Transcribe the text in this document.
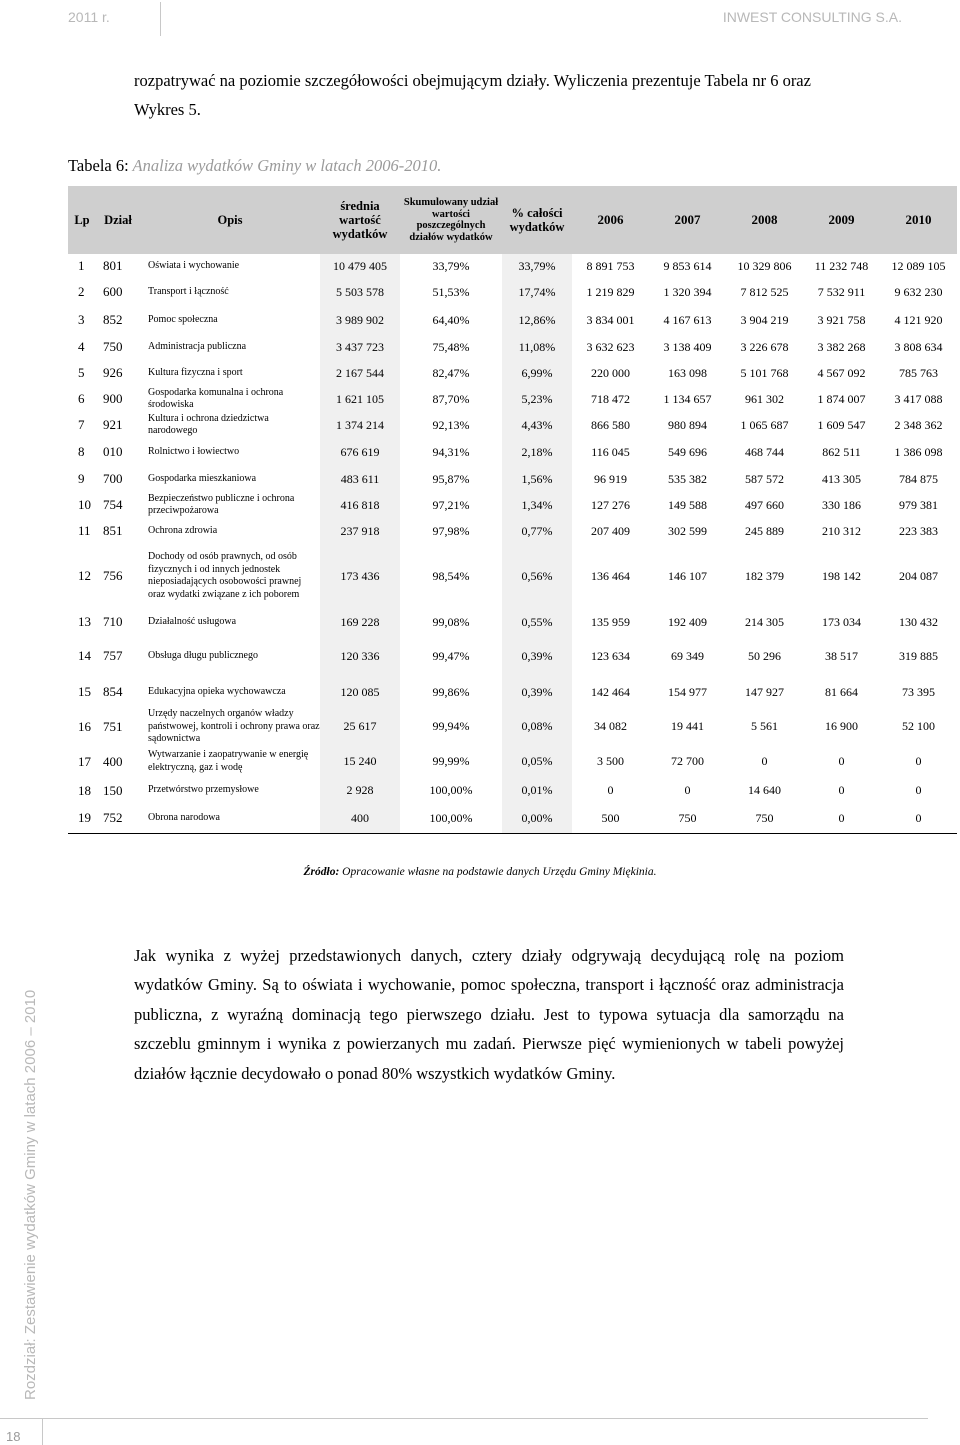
2011 r.	INWEST CONSULTING S.A.
rozpatrywać na poziomie szczegółowości obejmującym działy. Wyliczenia prezentuje Tabela nr 6 oraz Wykres 5.
Tabela 6: Analiza wydatków Gminy w latach 2006-2010.
Lp	Dział	Opis	średnia wartość wydatków	Skumulowany udział wartości poszczególnych działów wydatków	% całości wydatków	2006	2007	2008	2009	2010
1	801	Oświata i wychowanie	10 479 405	33,79%	33,79%	8 891 753	9 853 614	10 329 806	11 232 748	12 089 105
2	600	Transport i łączność	5 503 578	51,53%	17,74%	1 219 829	1 320 394	7 812 525	7 532 911	9 632 230
3	852	Pomoc społeczna	3 989 902	64,40%	12,86%	3 834 001	4 167 613	3 904 219	3 921 758	4 121 920
4	750	Administracja publiczna	3 437 723	75,48%	11,08%	3 632 623	3 138 409	3 226 678	3 382 268	3 808 634
5	926	Kultura fizyczna i sport	2 167 544	82,47%	6,99%	220 000	163 098	5 101 768	4 567 092	785 763
6	900	Gospodarka komunalna i ochrona środowiska	1 621 105	87,70%	5,23%	718 472	1 134 657	961 302	1 874 007	3 417 088
7	921	Kultura i ochrona dziedzictwa narodowego	1 374 214	92,13%	4,43%	866 580	980 894	1 065 687	1 609 547	2 348 362
8	010	Rolnictwo i łowiectwo	676 619	94,31%	2,18%	116 045	549 696	468 744	862 511	1 386 098
9	700	Gospodarka mieszkaniowa	483 611	95,87%	1,56%	96 919	535 382	587 572	413 305	784 875
10	754	Bezpieczeństwo publiczne i ochrona przeciwpożarowa	416 818	97,21%	1,34%	127 276	149 588	497 660	330 186	979 381
11	851	Ochrona zdrowia	237 918	97,98%	0,77%	207 409	302 599	245 889	210 312	223 383
12	756	Dochody od osób prawnych, od osób fizycznych i od innych jednostek nieposiadających osobowości prawnej oraz wydatki związane z ich poborem	173 436	98,54%	0,56%	136 464	146 107	182 379	198 142	204 087
13	710	Działalność usługowa	169 228	99,08%	0,55%	135 959	192 409	214 305	173 034	130 432
14	757	Obsługa długu publicznego	120 336	99,47%	0,39%	123 634	69 349	50 296	38 517	319 885
15	854	Edukacyjna opieka wychowawcza	120 085	99,86%	0,39%	142 464	154 977	147 927	81 664	73 395
16	751	Urzędy naczelnych organów władzy państwowej, kontroli i ochrony prawa oraz sądownictwa	25 617	99,94%	0,08%	34 082	19 441	5 561	16 900	52 100
17	400	Wytwarzanie i zaopatrywanie w energię elektryczną, gaz i wodę	15 240	99,99%	0,05%	3 500	72 700	0	0	0
18	150	Przetwórstwo przemysłowe	2 928	100,00%	0,01%	0	0	14 640	0	0
19	752	Obrona narodowa	400	100,00%	0,00%	500	750	750	0	0
Źródło: Opracowanie własne na podstawie danych Urzędu Gminy Miękinia.
Jak wynika z wyżej przedstawionych danych, cztery działy odgrywają decydującą rolę na poziom wydatków Gminy. Są to oświata i wychowanie, pomoc społeczna, transport i łączność oraz administracja publiczna, z wyraźną dominacją tego pierwszego działu. Jest to typowa sytuacja dla samorządu na szczeblu gminnym i wynika z powierzanych mu zadań. Pierwsze pięć wymienionych w tabeli powyżej działów łącznie decydowało o ponad 80% wszystkich wydatków Gminy.
Rozdział: Zestawienie wydatków Gminy w latach 2006 – 2010
18
